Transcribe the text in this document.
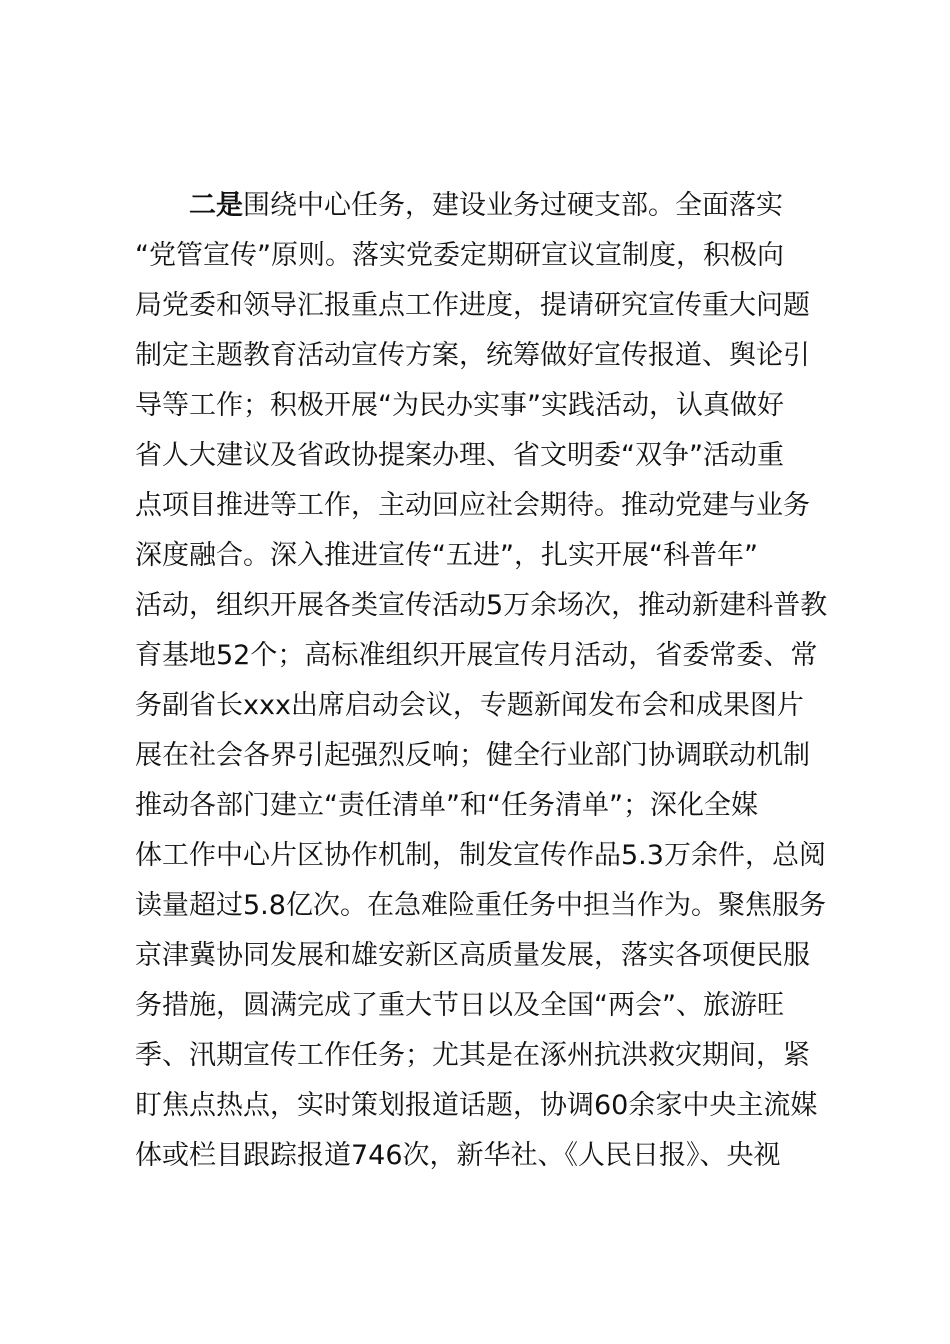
二是围绕中心任务，建设业务过硬支部。全面落实
“党管宣传”原则。落实党委定期研宣议宣制度，积极向
局党委和领导汇报重点工作进度，提请研究宣传重大问题
制定主题教育活动宣传方案，统筹做好宣传报道、舆论引
导等工作；积极开展“为民办实事”实践活动，认真做好
省人大建议及省政协提案办理、省文明委“双争”活动重
点项目推进等工作，主动回应社会期待。推动党建与业务
深度融合。深入推进宣传“五进”，扎实开展“科普年”
活动，组织开展各类宣传活动5万余场次，推动新建科普教
育基地52个；高标准组织开展宣传月活动，省委常委、常
务副省长xxx出席启动会议，专题新闻发布会和成果图片
展在社会各界引起强烈反响；健全行业部门协调联动机制
推动各部门建立“责任清单”和“任务清单”；深化全媒
体工作中心片区协作机制，制发宣传作品5.3万余件，总阅
读量超过5.8亿次。在急难险重任务中担当作为。聚焦服务
京津冀协同发展和雄安新区高质量发展，落实各项便民服
务措施，圆满完成了重大节日以及全国“两会”、旅游旺
季、汛期宣传工作任务；尤其是在涿州抗洪救灾期间，紧
盯焦点热点，实时策划报道话题，协调60余家中央主流媒
体或栏目跟踪报道746次，新华社、《人民日报》、央视
